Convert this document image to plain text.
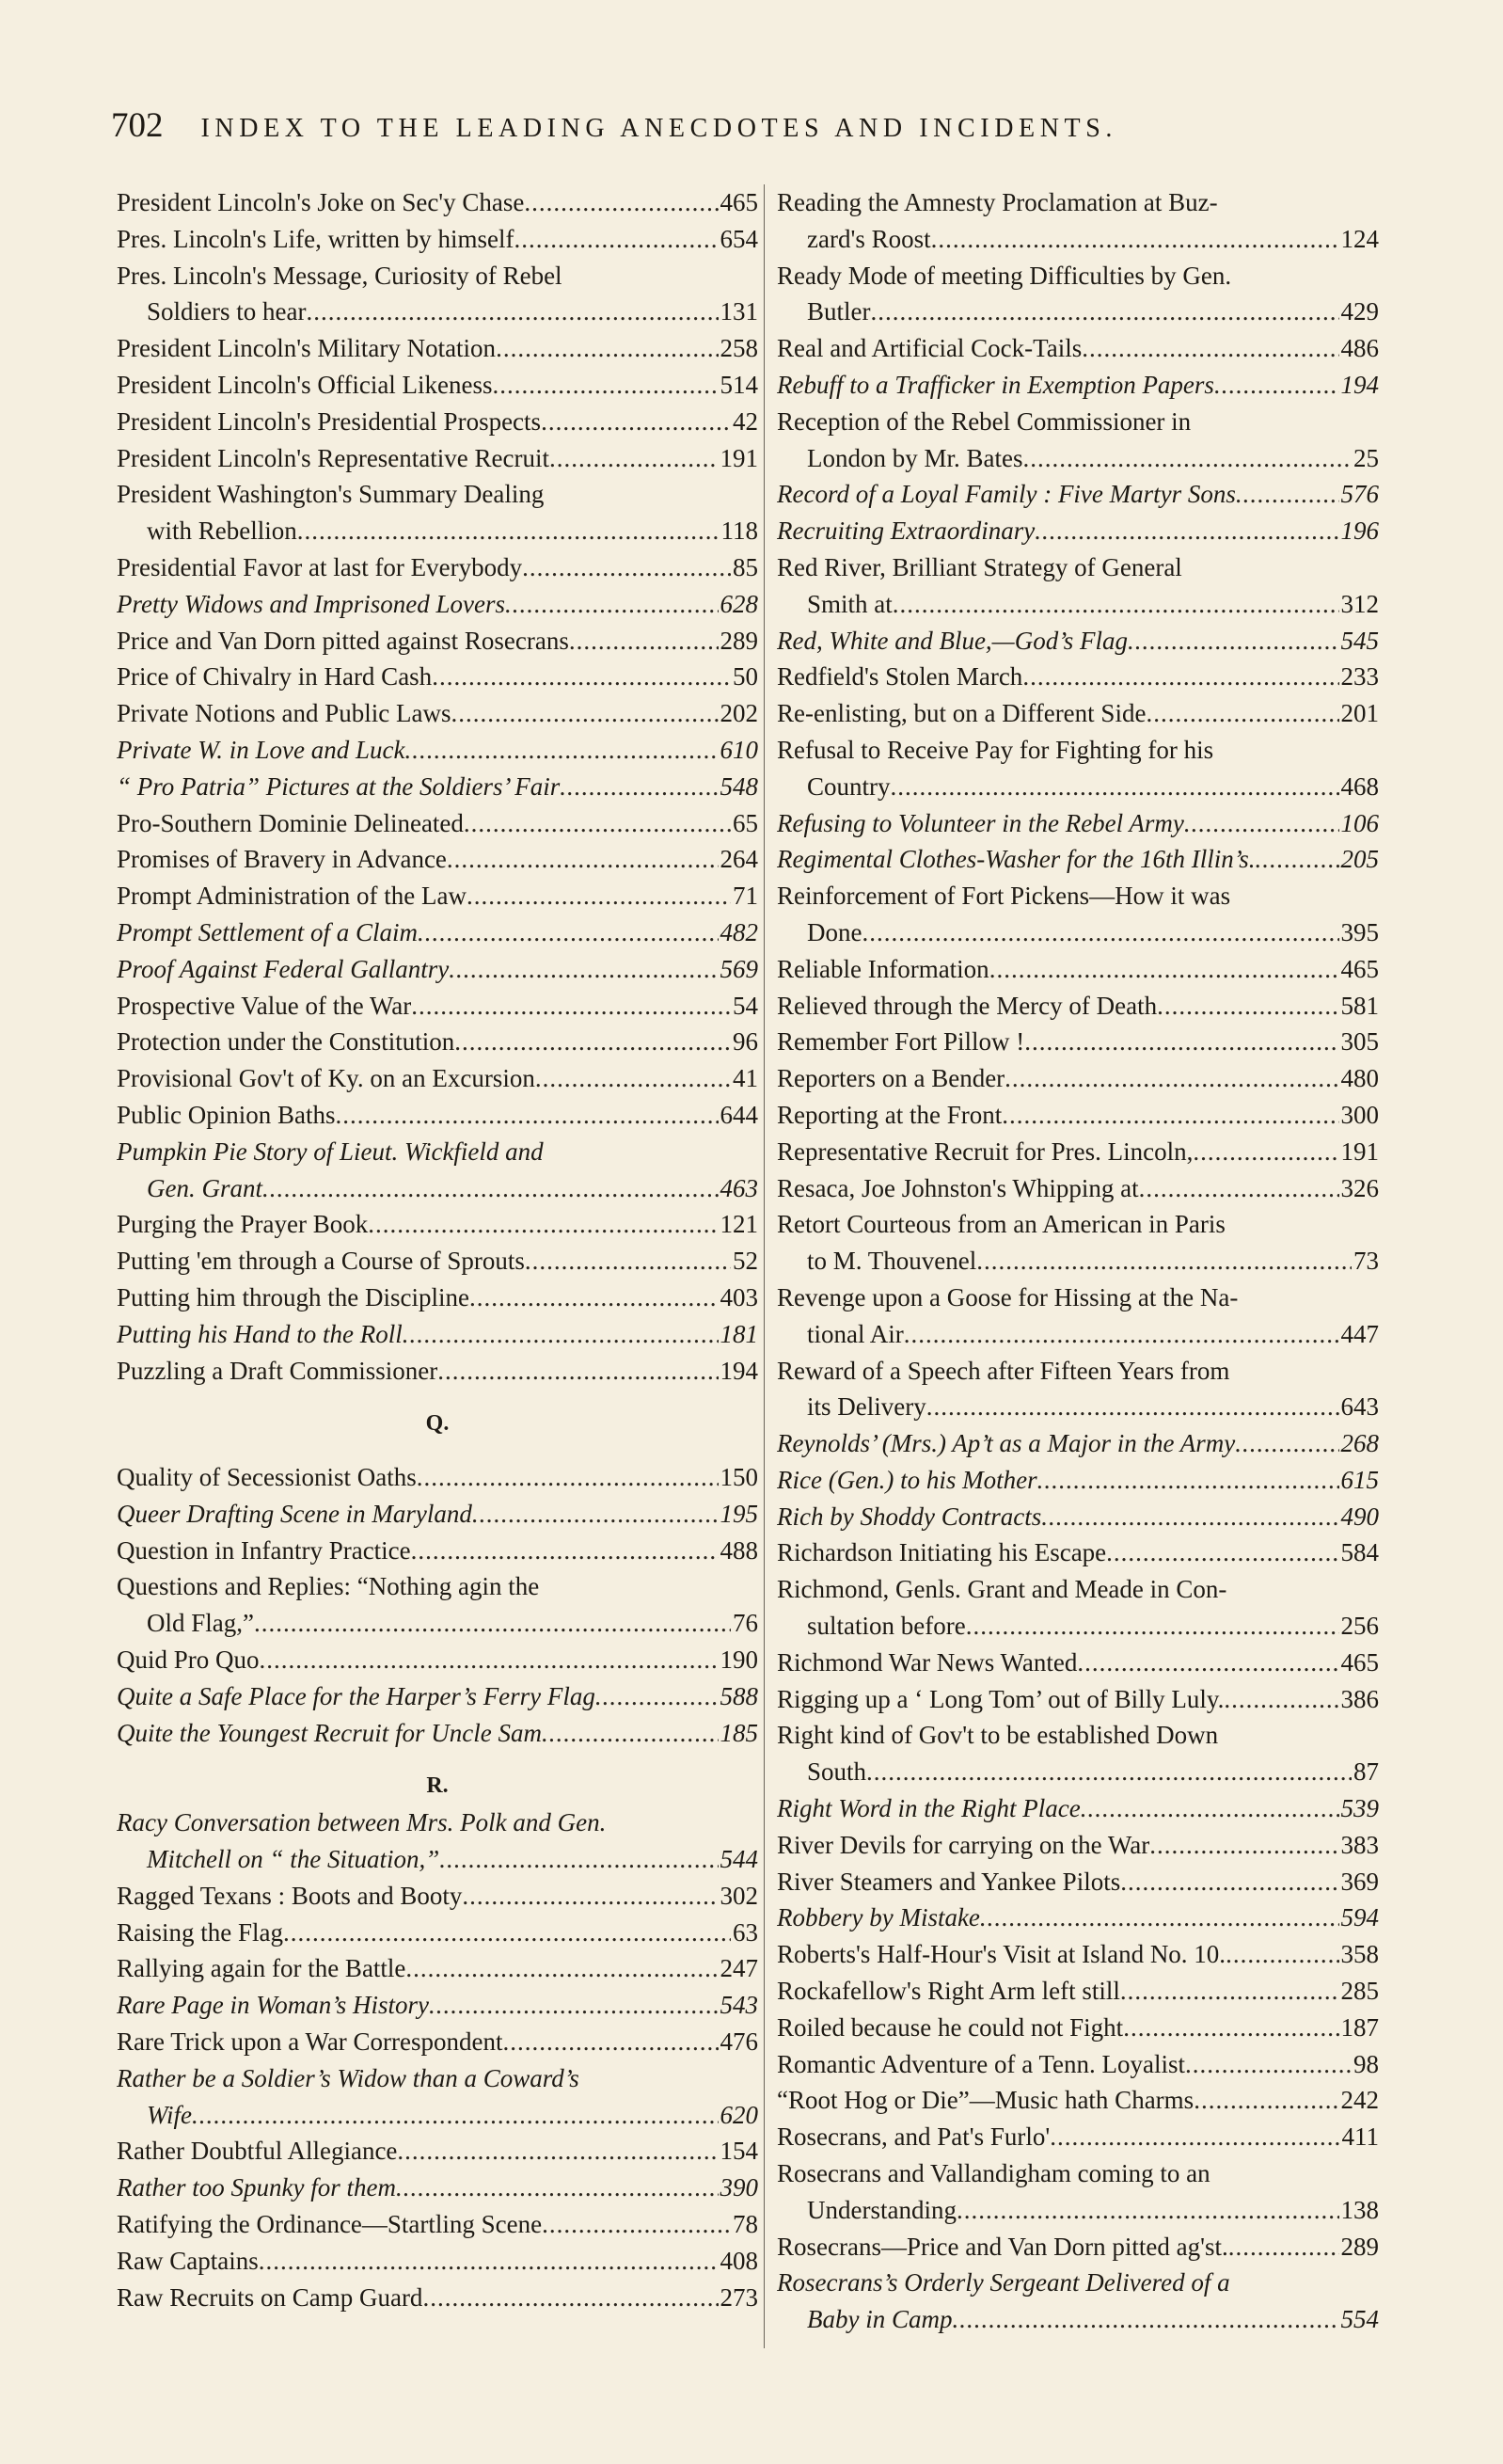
702 INDEX TO THE LEADING ANECDOTES AND INCIDENTS.
President Lincoln's Joke on Sec'y Chase .....	465
Pres. Lincoln's Life, written by himself .....	654
Pres. Lincoln's Message, Curiosity of Rebel
Soldiers to hear .....	131
President Lincoln's Military Notation .....	258
President Lincoln's Official Likeness .....	514
President Lincoln's Presidential Prospects .....	42
President Lincoln's Representative Recruit .....	191
President Washington's Summary Dealing
with Rebellion .....	118
Presidential Favor at last for Everybody .....	85
Pretty Widows and Imprisoned Lovers .....	628
Price and Van Dorn pitted against Rosecrans .....	289
Price of Chivalry in Hard Cash .....	50
Private Notions and Public Laws .....	202
Private W. in Love and Luck .....	610
“ Pro Patria” Pictures at the Soldiers’ Fair .....	548
Pro-Southern Dominie Delineated .....	65
Promises of Bravery in Advance .....	264
Prompt Administration of the Law .....	71
Prompt Settlement of a Claim .....	482
Proof Against Federal Gallantry .....	569
Prospective Value of the War .....	54
Protection under the Constitution .....	96
Provisional Gov't of Ky. on an Excursion .....	41
Public Opinion Baths .....	644
Pumpkin Pie Story of Lieut. Wickfield and
Gen. Grant .....	463
Purging the Prayer Book .....	121
Putting 'em through a Course of Sprouts .....	52
Putting him through the Discipline .....	403
Putting his Hand to the Roll .....	181
Puzzling a Draft Commissioner .....	194
Q.
Quality of Secessionist Oaths .....	150
Queer Drafting Scene in Maryland .....	195
Question in Infantry Practice .....	488
Questions and Replies: “Nothing agin the
Old Flag,” .....	76
Quid Pro Quo .....	190
Quite a Safe Place for the Harper’s Ferry Flag .....	588
Quite the Youngest Recruit for Uncle Sam .....	185
R.
Racy Conversation between Mrs. Polk and Gen.
Mitchell on “ the Situation,” .....	544
Ragged Texans : Boots and Booty .....	302
Raising the Flag .....	63
Rallying again for the Battle .....	247
Rare Page in Woman’s History .....	543
Rare Trick upon a War Correspondent .....	476
Rather be a Soldier’s Widow than a Coward’s
Wife .....	620
Rather Doubtful Allegiance .....	154
Rather too Spunky for them .....	390
Ratifying the Ordinance—Startling Scene .....	78
Raw Captains .....	408
Raw Recruits on Camp Guard .....	273
Reading the Amnesty Proclamation at Buz-
zard's Roost .....	124
Ready Mode of meeting Difficulties by Gen.
Butler .....	429
Real and Artificial Cock-Tails .....	486
Rebuff to a Trafficker in Exemption Papers .....	194
Reception of the Rebel Commissioner in
London by Mr. Bates .....	25
Record of a Loyal Family : Five Martyr Sons .....	576
Recruiting Extraordinary .....	196
Red River, Brilliant Strategy of General
Smith at .....	312
Red, White and Blue,—God’s Flag .....	545
Redfield's Stolen March .....	233
Re-enlisting, but on a Different Side .....	201
Refusal to Receive Pay for Fighting for his
Country .....	468
Refusing to Volunteer in the Rebel Army .....	106
Regimental Clothes-Washer for the 16th Illin’s. .....	205
Reinforcement of Fort Pickens—How it was
Done .....	395
Reliable Information .....	465
Relieved through the Mercy of Death .....	581
Remember Fort Pillow ! .....	305
Reporters on a Bender .....	480
Reporting at the Front .....	300
Representative Recruit for Pres. Lincoln, .....	191
Resaca, Joe Johnston's Whipping at .....	326
Retort Courteous from an American in Paris
to M. Thouvenel .....	73
Revenge upon a Goose for Hissing at the Na-
tional Air .....	447
Reward of a Speech after Fifteen Years from
its Delivery .....	643
Reynolds’ (Mrs.) Ap’t as a Major in the Army .....	268
Rice (Gen.) to his Mother .....	615
Rich by Shoddy Contracts .....	490
Richardson Initiating his Escape .....	584
Richmond, Genls. Grant and Meade in Con-
sultation before .....	256
Richmond War News Wanted .....	465
Rigging up a ‘ Long Tom’ out of Billy Luly. .....	386
Right kind of Gov't to be established Down
South .....	87
Right Word in the Right Place .....	539
River Devils for carrying on the War .....	383
River Steamers and Yankee Pilots .....	369
Robbery by Mistake .....	594
Roberts's Half-Hour's Visit at Island No. 10. .....	358
Rockafellow's Right Arm left still .....	285
Roiled because he could not Fight .....	187
Romantic Adventure of a Tenn. Loyalist .....	98
“Root Hog or Die”—Music hath Charms .....	242
Rosecrans, and Pat's Furlo' .....	411
Rosecrans and Vallandigham coming to an
Understanding .....	138
Rosecrans—Price and Van Dorn pitted ag'st. .....	289
Rosecrans’s Orderly Sergeant Delivered of a
Baby in Camp .....	554
